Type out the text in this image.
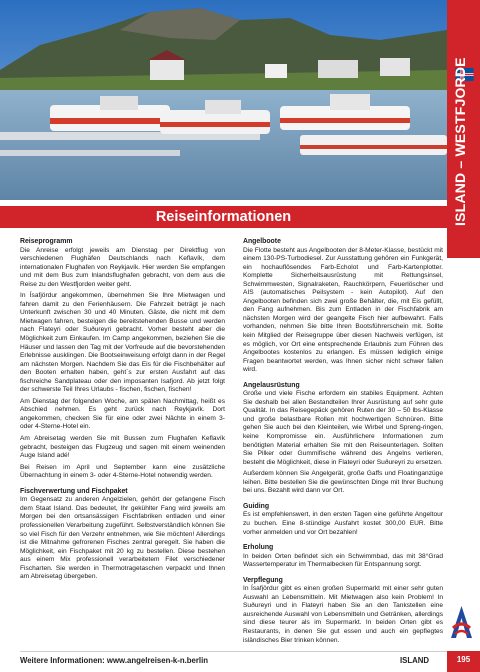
ISLAND – WESTFJORDE
Reiseinformationen
Reiseprogramm

Die Anreise erfolgt jeweils am Dienstag per Direktflug von verschiedenen Flughäfen Deutschlands nach Keflavík, dem internationalen Flughafen von Reykjavík. Hier werden Sie empfangen und mit dem Bus zum Inlandsflughafen gebracht, von dem aus die Reise zu den Westfjorden weiter geht.

In Ísafjördur angekommen, übernehmen Sie Ihre Mietwagen und fahren damit zu den Ferienhäusern. Die Fahrzeit beträgt je nach Unterkunft zwischen 30 und 40 Minuten. Gäste, die nicht mit dem Mietwagen fahren, besteigen die bereitstehenden Busse und werden nach Flateyri oder Suðureyri gebracht. Vorher besteht aber die Möglichkeit zum Einkaufen. Im Camp angekommen, beziehen Sie die Häuser und lassen den Tag mit der Vorfreude auf die bevorstehenden Erlebnisse ausklingen. Die Bootseinweisung erfolgt dann in der Regel am nächsten Morgen. Nachdem Sie das Eis für die Fischbehälter auf den Booten erhalten haben, geht´s zur ersten Ausfahrt auf das fischreiche Sandplateau oder den imposanten Isafjord. Ab jetzt folgt der schwerste Teil Ihres Urlaubs - fischen, fischen, fischen!

Am Dienstag der folgenden Woche, am späten Nachmittag, heißt es Abschied nehmen. Es geht zurück nach Reykjavík. Dort angekommen, checken Sie für eine oder zwei Nächte in einem 3- oder 4-Sterne-Hotel ein.

Am Abreisetag werden Sie mit Bussen zum Flughafen Keflavík gebracht, besteigen das Flugzeug und sagen mit einem weinenden Auge Island adé!

Bei Reisen im April und September kann eine zusätzliche Übernachtung in einem 3- oder 4-Sterne-Hotel notwendig werden.

Fischverwertung und Fischpaket

Im Gegensatz zu anderen Angelzielen, gehört der gefangene Fisch dem Staat Island. Das bedeutet, Ihr gekühlter Fang wird jeweils am Morgen bei den ortsansässigen Fischfabriken entladen und einer professionellen Verarbeitung zugeführt. Selbstverständlich können Sie so viel Fisch für den Verzehr entnehmen, wie Sie möchten! Allerdings ist die Mitnahme gefrorenen Fisches zentral geregelt. Sie haben die Möglichkeit, ein Fischpaket mit 20 kg zu bestellen. Diese bestehen aus einem Mix professionell verarbeitetem Filet verschiedener Fischarten. Sie werden in Thermotragetaschen verpackt und Ihnen am Abreisetag übergeben.

Angelboote

Die Flotte besteht aus Angelbooten der 8-Meter-Klasse, bestückt mit einem 130-PS-Turbodiesel. Zur Ausstattung gehören ein Funkgerät, ein hochauflösendes Farb-Echolot und Farb-Kartenplotter. Komplette Sicherheitsausrüstung mit Rettungsinsel, Schwimmwesten, Signalraketen, Rauchkörpern, Feuerlöscher und AIS (automatisches Peilsystem - kein Autopilot). Auf den Angelbooten befinden sich zwei große Behälter, die, mit Eis gefüllt, den Fang aufnehmen. Bis zum Entladen in der Fischfabrik am nächsten Morgen wird der geangelte Fisch hier aufbewahrt. Falls vorhanden, nehmen Sie bitte Ihren Bootsführerschein mit. Sollte kein Mitglied der Reisegruppe über diesen Nachweis verfügen, ist es möglich, vor Ort eine entsprechende Erlaubnis zum Führen des Angelbootes kostenlos zu erlangen. Es müssen lediglich einige Fragen beantwortet werden, was Ihnen sicher nicht schwer fallen wird.

Angelausrüstung

Große und vielе Fische erfordern ein stabiles Equipment. Achten Sie deshalb bei allen Bestandteilen Ihrer Ausrüstung auf sehr gute Qualität. In das Reisegepäck gehören Ruten der 30 – 50 lbs-Klasse und große belastbare Rollen mit hochwertigen Schnüren. Bitte gehen Sie auch bei den Kleinteilen, wie Wirbel und Spreng-ringen, keine Kompromisse ein. Ausführlichere Informationen zum benötigten Material erhalten Sie mit den Reiseunterlagen. Sollten Sie Pilker oder Gummifische während des Angelns verlieren, besteht die Möglichkeit, diese in Flateyri oder Suðureyri zu ersetzen.

Außerdem können Sie Angelgerät, große Gaffs und Floatinganzüge leihen. Bitte bestellen Sie die gewünschten Dinge mit Ihrer Buchung bei uns. Bezahlt wird dann vor Ort.

Guiding

Es ist empfehlenswert, in den ersten Tagen eine geführte Angeltour zu buchen. Eine 8-stündige Ausfahrt kostet 300,00 EUR. Bitte vorher anmelden und vor Ort bezahlen!

Erholung

In beiden Orten befindet sich ein Schwimmbad, das mit 38°Grad Wassertemperatur im Thermalbecken für Entspannung sorgt.

Verpflegung

In Ísafjördur gibt es einen großen Supermarkt mit einer sehr guten Auswahl an Lebensmitteln. Mit Mietwagen also kein Problem! In Suðureyri und in Flateyri haben Sie an den Tankstellen eine ausreichende Auswahl von Lebensmitteln und Getränken, allerdings sind diese teurer als im Supermarkt. In beiden Orten gibt es Restaurants, in denen Sie gut essen und auch ein gepflegtes isländisches Bier trinken können.

Weitere Informationen: www.angelreisen-k-n.berlin	ISLAND	195
